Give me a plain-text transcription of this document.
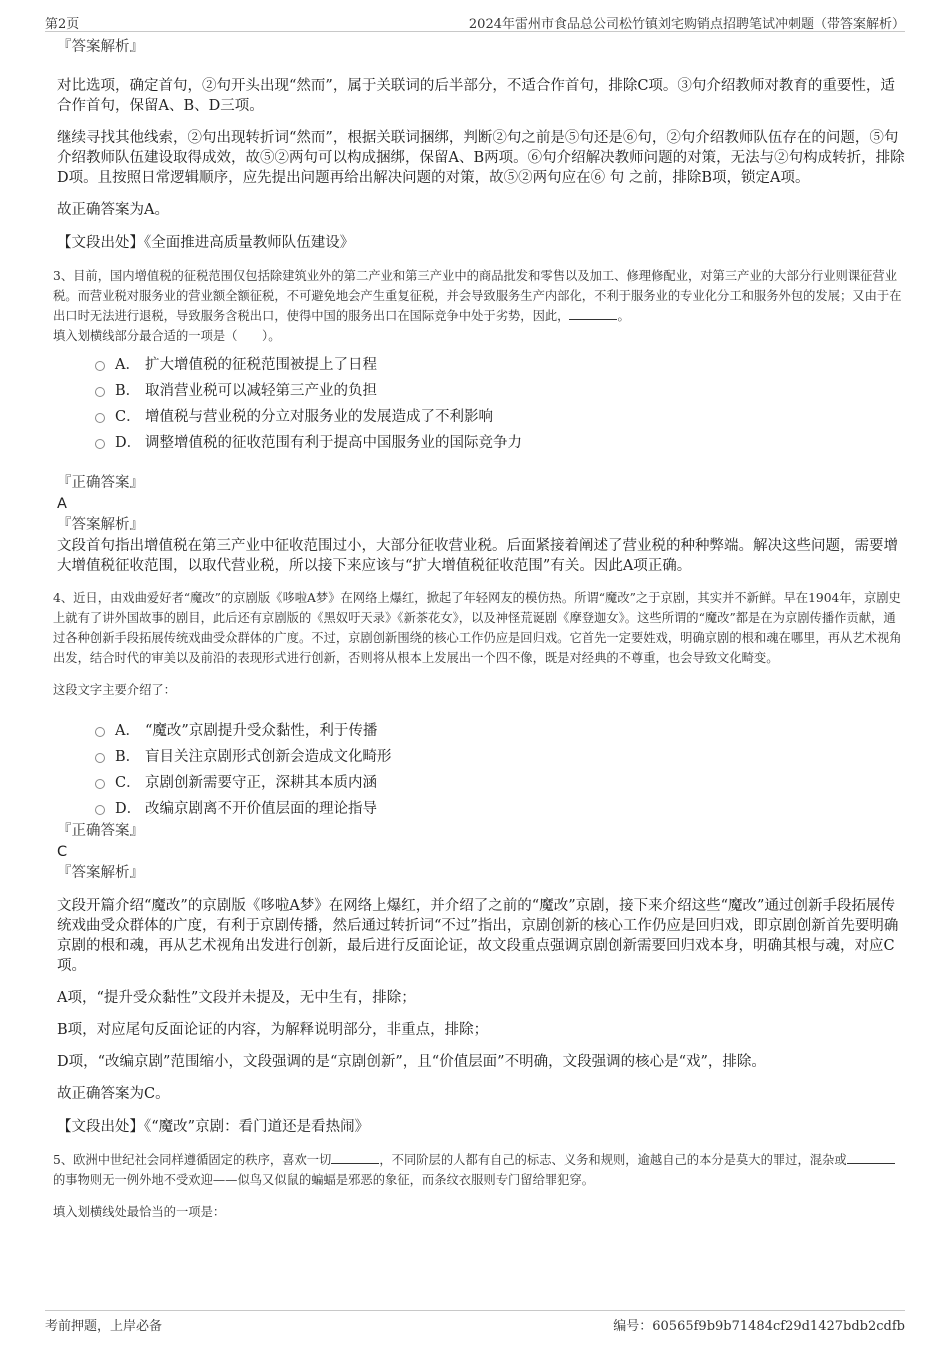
第2页	2024年雷州市食品总公司松竹镇刘宅购销点招聘笔试冲刺题（带答案解析）
『答案解析』
对比选项，确定首句，②句开头出现“然而”，属于关联词的后半部分，不适合作首句，排除C项。③句介绍教师对教育的重要性，适合作首句，保留A、B、D三项。
继续寻找其他线索，②句出现转折词“然而”，根据关联词捆绑，判断②句之前是⑤句还是⑥句，②句介绍教师队伍存在的问题，⑤句介绍教师队伍建设取得成效，故⑤②两句可以构成捆绑，保留A、B两项。⑥句介绍解决教师问题的对策，无法与②句构成转折，排除D项。且按照日常逻辑顺序，应先提出问题再给出解决问题的对策，故⑤②两句应在⑥ 句 之前，排除B项，锁定A项。
故正确答案为A。
【文段出处】《全面推进高质量教师队伍建设》
3、目前，国内增值税的征税范围仅包括除建筑业外的第二产业和第三产业中的商品批发和零售以及加工、修理修配业，对第三产业的大部分行业则课征营业税。而营业税对服务业的营业额全额征税，不可避免地会产生重复征税，并会导致服务生产内部化，不利于服务业的专业化分工和服务外包的发展；又由于在出口时无法进行退税，导致服务含税出口，使得中国的服务出口在国际竞争中处于劣势，因此，	。
填入划横线部分最合适的一项是（　　）。
A． 扩大增值税的征税范围被提上了日程
B． 取消营业税可以减轻第三产业的负担
C． 增值税与营业税的分立对服务业的发展造成了不利影响
D． 调整增值税的征收范围有利于提高中国服务业的国际竞争力
『正确答案』
A
『答案解析』
文段首句指出增值税在第三产业中征收范围过小，大部分征收营业税。后面紧接着阐述了营业税的种种弊端。解决这些问题，需要增大增值税征收范围，以取代营业税，所以接下来应该与“扩大增值税征收范围”有关。因此A项正确。
4、近日，由戏曲爱好者“魔改”的京剧版《哆啦A梦》在网络上爆红，掀起了年轻网友的模仿热。所谓“魔改”之于京剧，其实并不新鲜。早在1904年，京剧史上就有了讲外国故事的剧目，此后还有京剧版的《黑奴吁天录》《新茶花女》，以及神怪荒诞剧《摩登迦女》。这些所谓的“魔改”都是在为京剧传播作贡献，通过各种创新手段拓展传统戏曲受众群体的广度。不过，京剧创新围绕的核心工作仍应是回归戏。它首先一定要姓戏，明确京剧的根和魂在哪里，再从艺术视角出发，结合时代的审美以及前沿的表现形式进行创新，否则将从根本上发展出一个四不像，既是对经典的不尊重，也会导致文化畸变。
这段文字主要介绍了：
A． “魔改”京剧提升受众黏性，利于传播
B． 盲目关注京剧形式创新会造成文化畸形
C． 京剧创新需要守正，深耕其本质内涵
D． 改编京剧离不开价值层面的理论指导
『正确答案』
C
『答案解析』
文段开篇介绍“魔改”的京剧版《哆啦A梦》在网络上爆红，并介绍了之前的“魔改”京剧，接下来介绍这些“魔改”通过创新手段拓展传统戏曲受众群体的广度，有利于京剧传播，然后通过转折词“不过”指出，京剧创新的核心工作仍应是回归戏，即京剧创新首先要明确京剧的根和魂，再从艺术视角出发进行创新，最后进行反面论证，故文段重点强调京剧创新需要回归戏本身，明确其根与魂，对应C项。
A项，“提升受众黏性”文段并未提及，无中生有，排除；
B项，对应尾句反面论证的内容，为解释说明部分，非重点，排除；
D项，“改编京剧”范围缩小，文段强调的是“京剧创新”，且“价值层面”不明确，文段强调的核心是“戏”，排除。
故正确答案为C。
【文段出处】《“魔改”京剧：看门道还是看热闹》
5、欧洲中世纪社会同样遵循固定的秩序，喜欢一切	，不同阶层的人都有自己的标志、义务和规则，逾越自己的本分是莫大的罪过，混杂或的事物则无一例外地不受欢迎——似鸟又似鼠的蝙蝠是邪恶的象征，而条纹衣服则专门留给罪犯穿。
填入划横线处最恰当的一项是：
考前押题，上岸必备	编号：60565f9b9b71484cf29d1427bdb2cdfb
